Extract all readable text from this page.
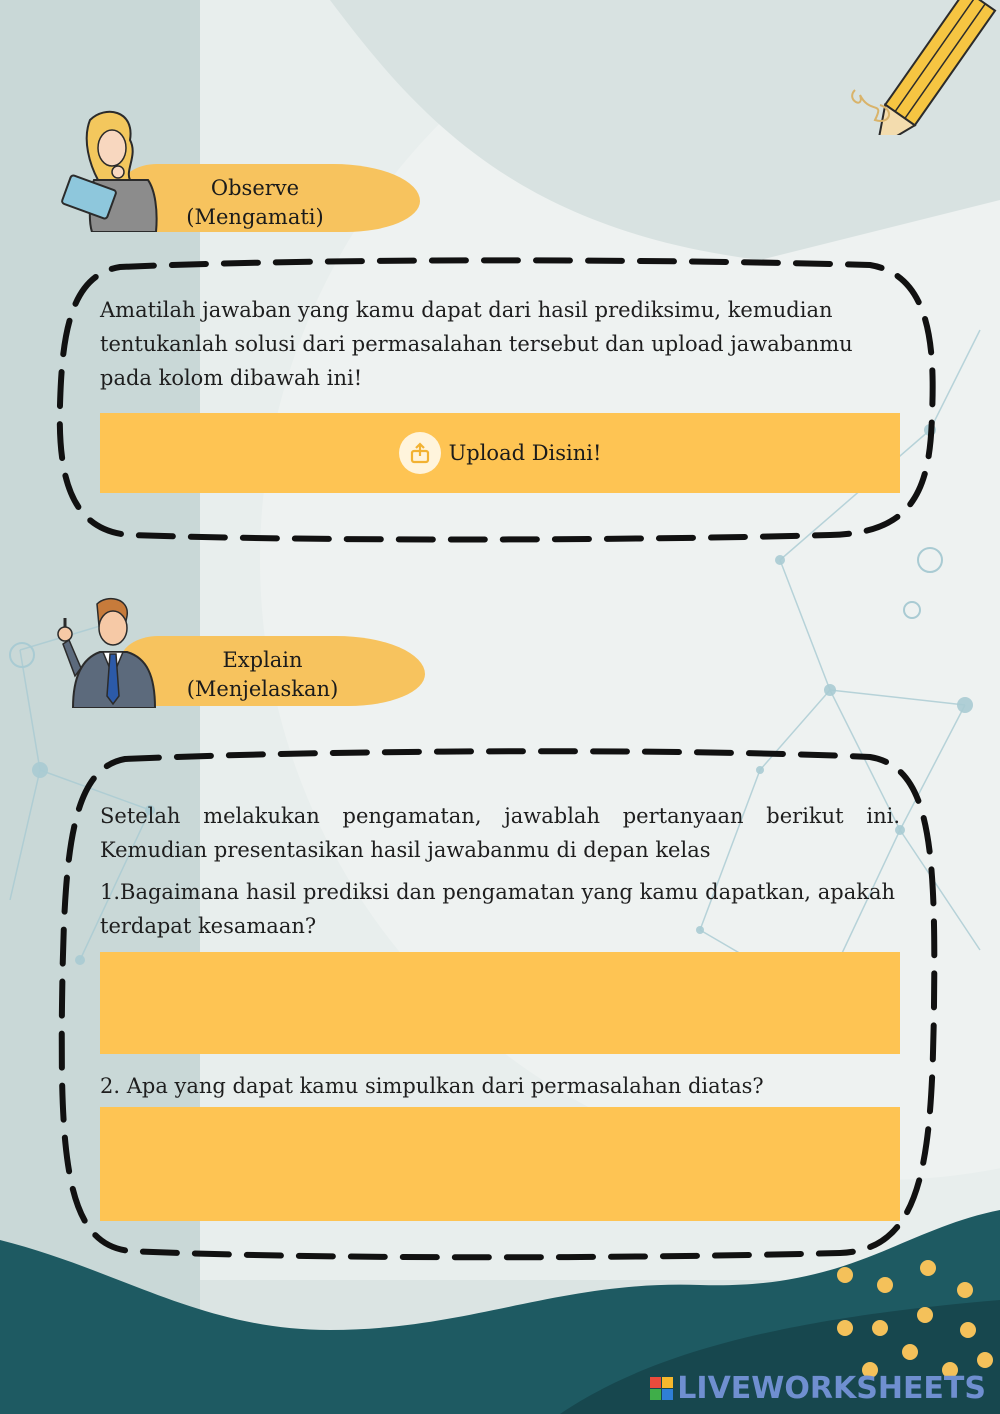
Observe
(Mengamati)
Amatilah jawaban yang kamu dapat dari hasil prediksimu, kemudian tentukanlah solusi dari permasalahan tersebut dan upload jawabanmu pada kolom dibawah ini!
Upload Disini!
Explain
(Menjelaskan)
Setelah melakukan pengamatan, jawablah pertanyaan berikut ini. Kemudian presentasikan hasil jawabanmu di depan kelas
1.Bagaimana hasil prediksi dan pengamatan yang kamu dapatkan, apakah terdapat kesamaan?
2. Apa yang dapat kamu simpulkan dari permasalahan diatas?
LIVEWORKSHEETS
